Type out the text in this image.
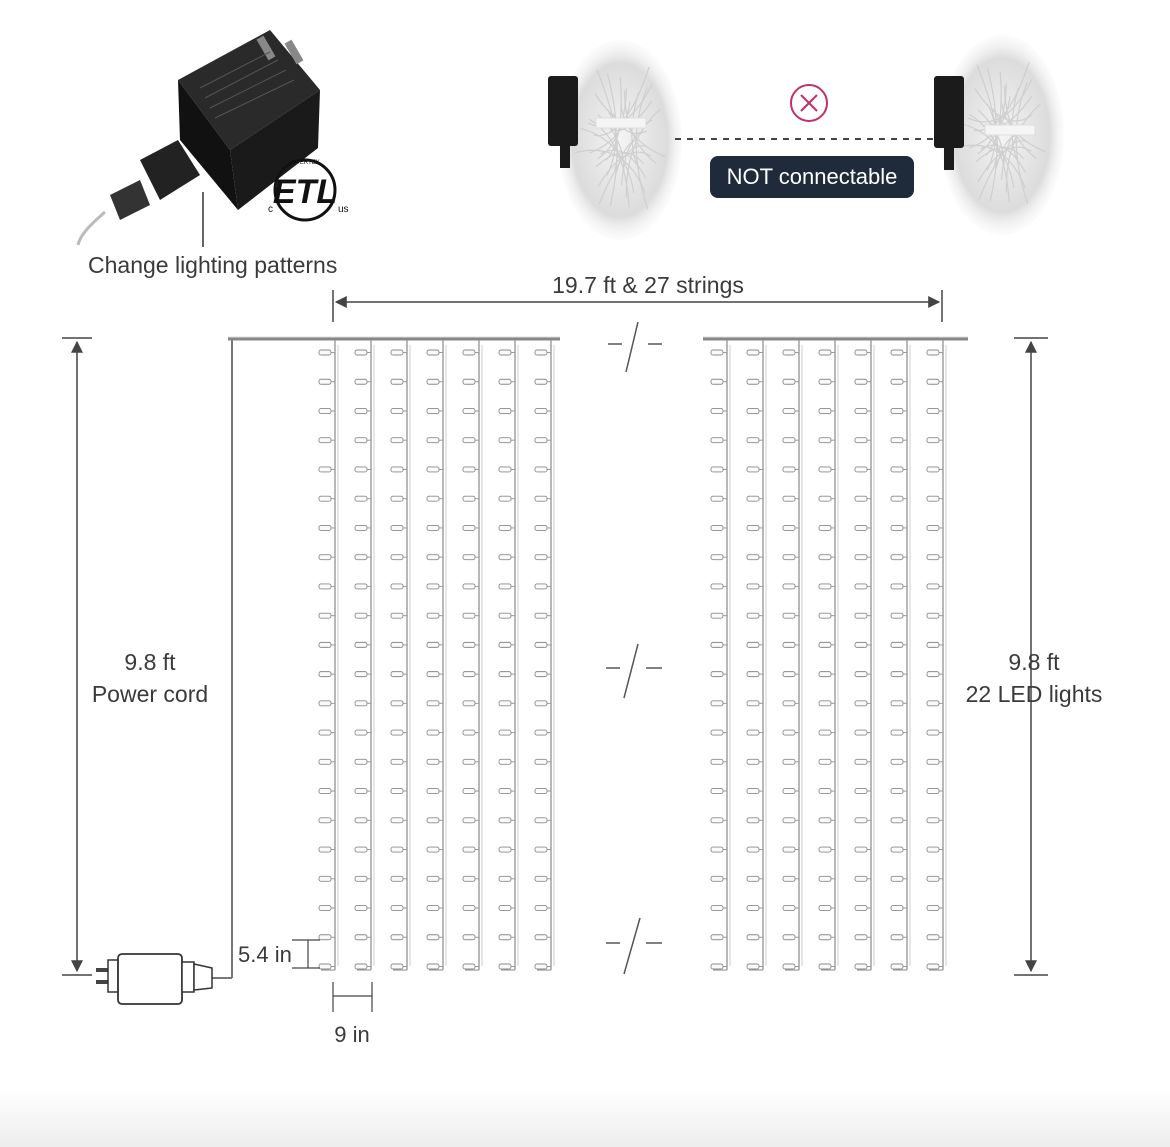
ETL
c	us
INTERTEK
Change lighting patterns
NOT connectable
19.7 ft & 27 strings
9.8 ft
Power cord
9.8 ft
22 LED lights
5.4 in
9 in
